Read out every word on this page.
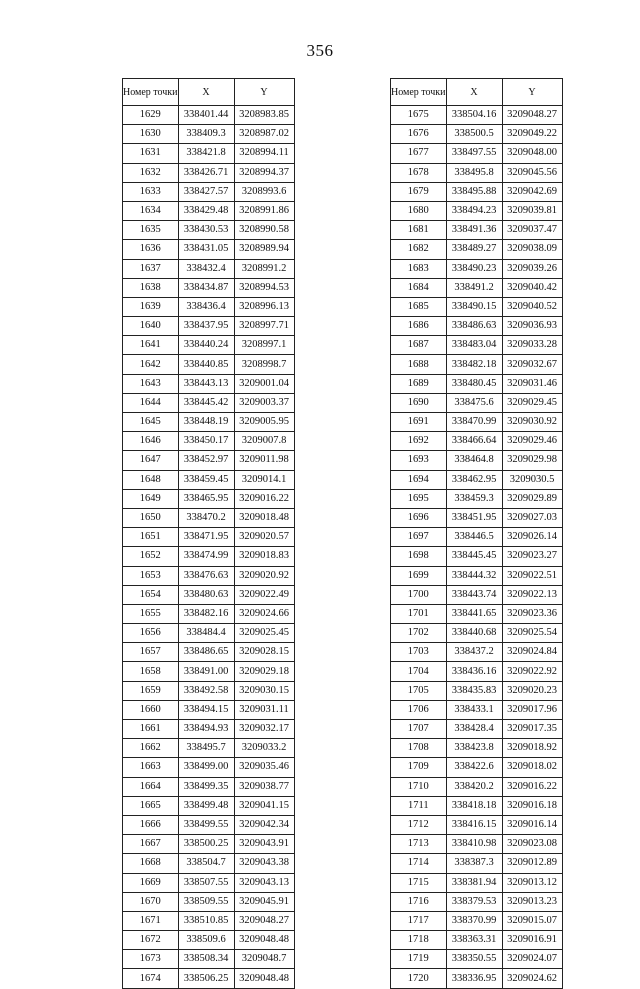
356
Номер точки	X	Y
1629	338401.44	3208983.85
1630	338409.3	3208987.02
1631	338421.8	3208994.11
1632	338426.71	3208994.37
1633	338427.57	3208993.6
1634	338429.48	3208991.86
1635	338430.53	3208990.58
1636	338431.05	3208989.94
1637	338432.4	3208991.2
1638	338434.87	3208994.53
1639	338436.4	3208996.13
1640	338437.95	3208997.71
1641	338440.24	3208997.1
1642	338440.85	3208998.7
1643	338443.13	3209001.04
1644	338445.42	3209003.37
1645	338448.19	3209005.95
1646	338450.17	3209007.8
1647	338452.97	3209011.98
1648	338459.45	3209014.1
1649	338465.95	3209016.22
1650	338470.2	3209018.48
1651	338471.95	3209020.57
1652	338474.99	3209018.83
1653	338476.63	3209020.92
1654	338480.63	3209022.49
1655	338482.16	3209024.66
1656	338484.4	3209025.45
1657	338486.65	3209028.15
1658	338491.00	3209029.18
1659	338492.58	3209030.15
1660	338494.15	3209031.11
1661	338494.93	3209032.17
1662	338495.7	3209033.2
1663	338499.00	3209035.46
1664	338499.35	3209038.77
1665	338499.48	3209041.15
1666	338499.55	3209042.34
1667	338500.25	3209043.91
1668	338504.7	3209043.38
1669	338507.55	3209043.13
1670	338509.55	3209045.91
1671	338510.85	3209048.27
1672	338509.6	3209048.48
1673	338508.34	3209048.7
1674	338506.25	3209048.48
Номер точки	X	Y
1675	338504.16	3209048.27
1676	338500.5	3209049.22
1677	338497.55	3209048.00
1678	338495.8	3209045.56
1679	338495.88	3209042.69
1680	338494.23	3209039.81
1681	338491.36	3209037.47
1682	338489.27	3209038.09
1683	338490.23	3209039.26
1684	338491.2	3209040.42
1685	338490.15	3209040.52
1686	338486.63	3209036.93
1687	338483.04	3209033.28
1688	338482.18	3209032.67
1689	338480.45	3209031.46
1690	338475.6	3209029.45
1691	338470.99	3209030.92
1692	338466.64	3209029.46
1693	338464.8	3209029.98
1694	338462.95	3209030.5
1695	338459.3	3209029.89
1696	338451.95	3209027.03
1697	338446.5	3209026.14
1698	338445.45	3209023.27
1699	338444.32	3209022.51
1700	338443.74	3209022.13
1701	338441.65	3209023.36
1702	338440.68	3209025.54
1703	338437.2	3209024.84
1704	338436.16	3209022.92
1705	338435.83	3209020.23
1706	338433.1	3209017.96
1707	338428.4	3209017.35
1708	338423.8	3209018.92
1709	338422.6	3209018.02
1710	338420.2	3209016.22
1711	338418.18	3209016.18
1712	338416.15	3209016.14
1713	338410.98	3209023.08
1714	338387.3	3209012.89
1715	338381.94	3209013.12
1716	338379.53	3209013.23
1717	338370.99	3209015.07
1718	338363.31	3209016.91
1719	338350.55	3209024.07
1720	338336.95	3209024.62
